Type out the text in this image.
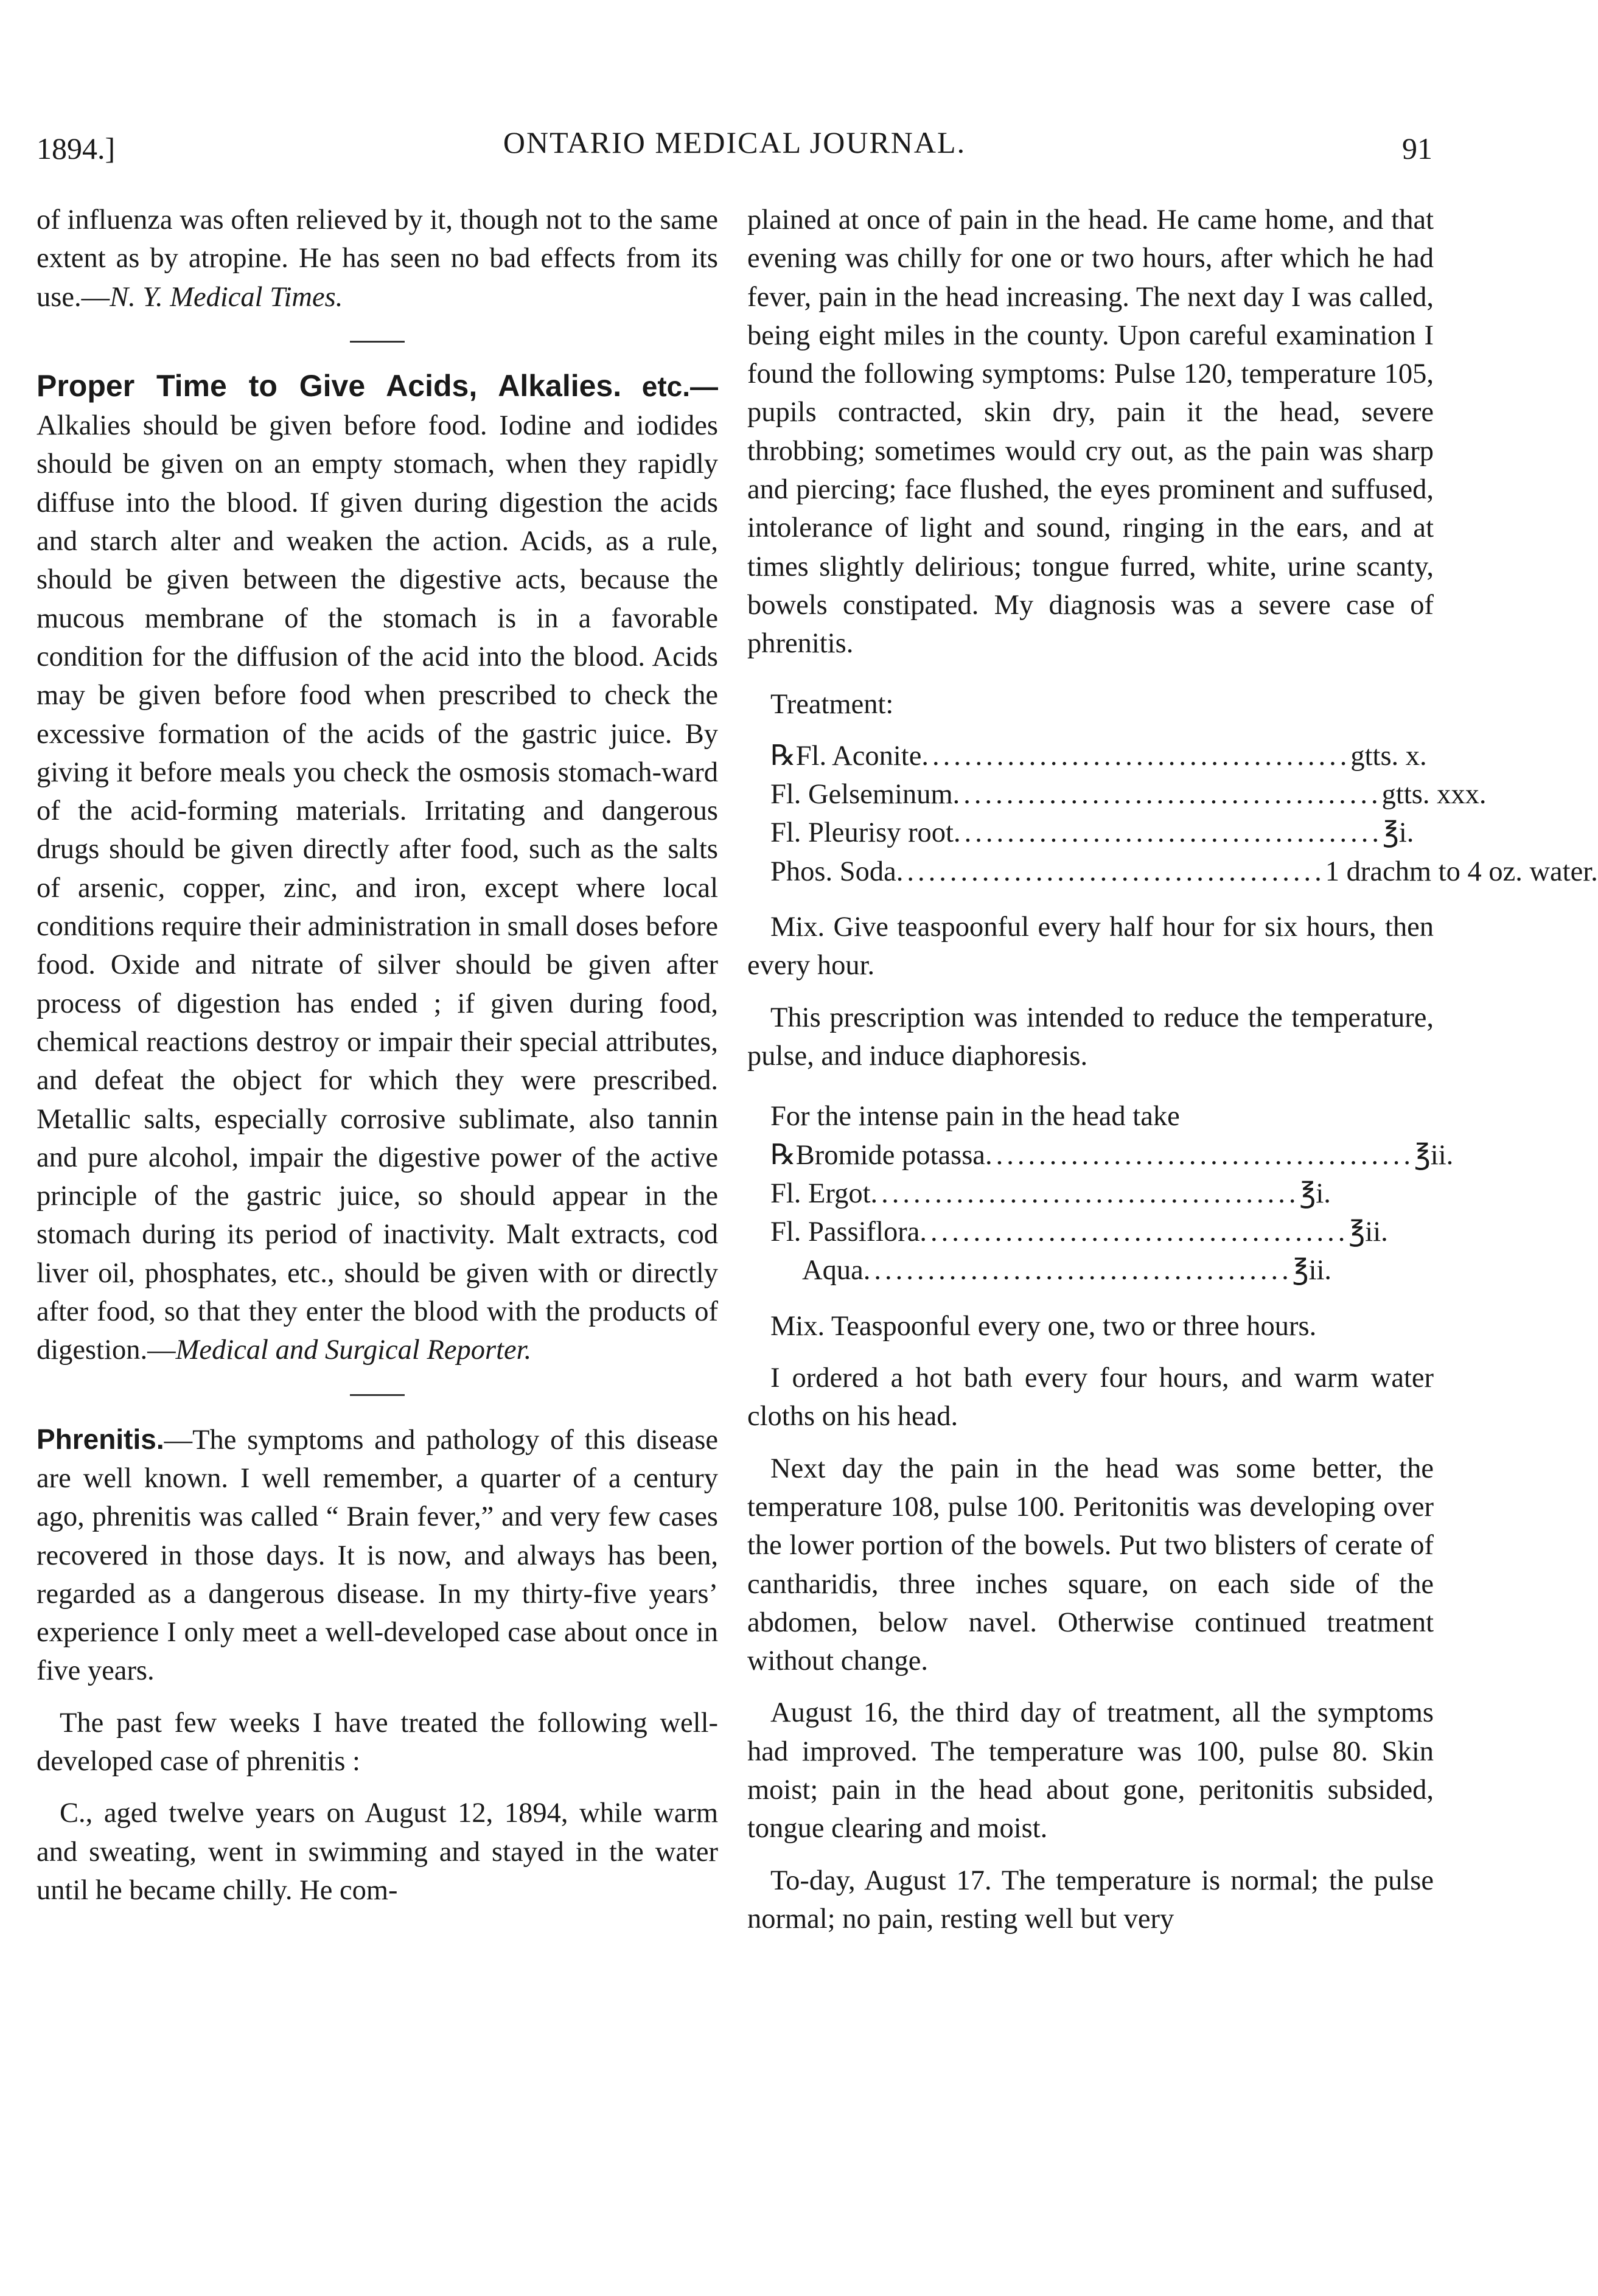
1894.]	ONTARIO MEDICAL JOURNAL.	91

of influenza was often relieved by it, though not to the same extent as by atropine. He has seen no bad effects from its use.—N. Y. Medical Times.

Proper Time to Give Acids, Alkalies. etc.— Alkalies should be given before food. Iodine and iodides should be given on an empty stomach, when they rapidly diffuse into the blood. If given during digestion the acids and starch alter and weaken the action. Acids, as a rule, should be given between the digestive acts, because the mucous membrane of the stomach is in a favorable condition for the diffusion of the acid into the blood. Acids may be given before food when prescribed to check the excessive formation of the acids of the gastric juice. By giving it before meals you check the osmosis stomach-ward of the acid-forming materials. Irritating and dangerous drugs should be given directly after food, such as the salts of arsenic, copper, zinc, and iron, except where local conditions require their administration in small doses before food. Oxide and nitrate of silver should be given after process of digestion has ended ; if given during food, chemical reactions destroy or impair their special attributes, and defeat the object for which they were prescribed. Metallic salts, especially corrosive sublimate, also tannin and pure alcohol, impair the digestive power of the active principle of the gastric juice, so should appear in the stomach during its period of inactivity. Malt extracts, cod liver oil, phosphates, etc., should be given with or directly after food, so that they enter the blood with the products of digestion.—Medical and Surgical Reporter.

Phrenitis.—The symptoms and pathology of this disease are well known. I well remember, a quarter of a century ago, phrenitis was called “ Brain fever,” and very few cases recovered in those days. It is now, and always has been, regarded as a dangerous disease. In my thirty-five years’ experience I only meet a well-developed case about once in five years.

The past few weeks I have treated the following well-developed case of phrenitis :

C., aged twelve years on August 12, 1894, while warm and sweating, went in swimming and stayed in the water until he became chilly. He com-

plained at once of pain in the head. He came home, and that evening was chilly for one or two hours, after which he had fever, pain in the head increasing. The next day I was called, being eight miles in the county. Upon careful examination I found the following symptoms: Pulse 120, temperature 105, pupils contracted, skin dry, pain it the head, severe throbbing; sometimes would cry out, as the pain was sharp and piercing; face flushed, the eyes prominent and suffused, intolerance of light and sound, ringing in the ears, and at times slightly delirious; tongue furred, white, urine scanty, bowels constipated. My diagnosis was a severe case of phrenitis.

Treatment:
℞ Fl. Aconite ........................................ gtts. x.
Fl. Gelseminum ........................................ gtts. xxx.
Fl. Pleurisy root ........................................ ℥i.
Phos. Soda ........................................ 1 drachm to 4 oz. water.

Mix. Give teaspoonful every half hour for six hours, then every hour.

This prescription was intended to reduce the temperature, pulse, and induce diaphoresis.

For the intense pain in the head take
℞ Bromide potassa ........................................ ℥ii.
Fl. Ergot ........................................ ℥i.
Fl. Passiflora ........................................ ℥ii.
Aqua ........................................ ℥ii.

Mix. Teaspoonful every one, two or three hours.

I ordered a hot bath every four hours, and warm water cloths on his head.

Next day the pain in the head was some better, the temperature 108, pulse 100. Peritonitis was developing over the lower portion of the bowels. Put two blisters of cerate of cantharidis, three inches square, on each side of the abdomen, below navel. Otherwise continued treatment without change.

August 16, the third day of treatment, all the symptoms had improved. The temperature was 100, pulse 80. Skin moist; pain in the head about gone, peritonitis subsided, tongue clearing and moist.

To-day, August 17. The temperature is normal; the pulse normal; no pain, resting well but very
